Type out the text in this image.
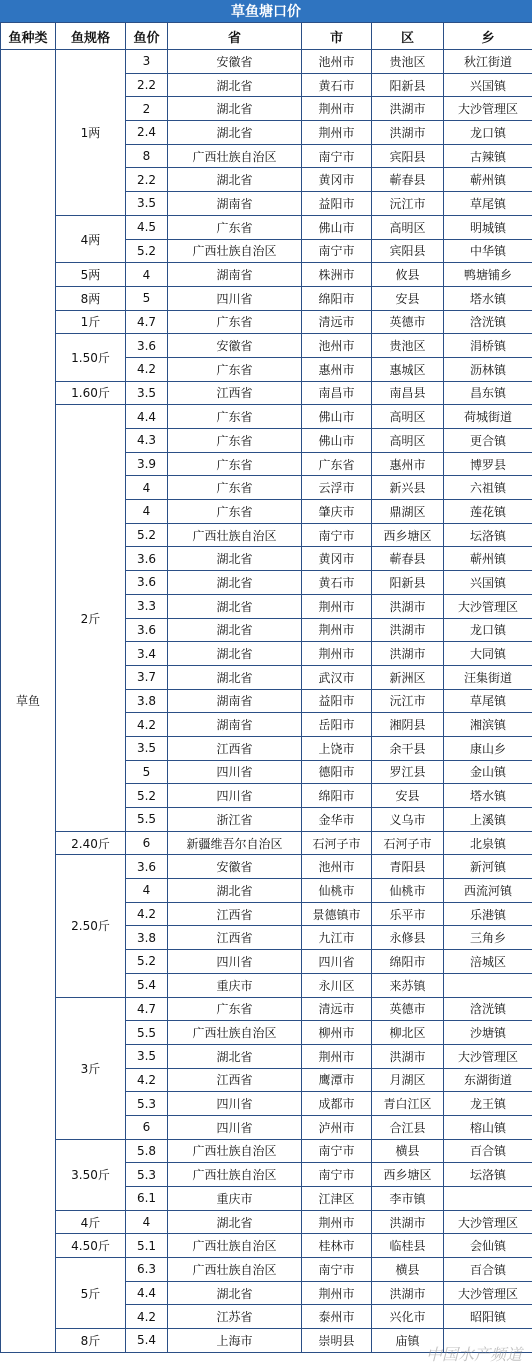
草鱼塘口价
鱼种类	鱼规格	鱼价	省	市	区	乡
草鱼	1两	3	安徽省	池州市	贵池区	秋江街道
		2.2	湖北省	黄石市	阳新县	兴国镇
		2	湖北省	荆州市	洪湖市	大沙管理区
		2.4	湖北省	荆州市	洪湖市	龙口镇
		8	广西壮族自治区	南宁市	宾阳县	古辣镇
		2.2	湖北省	黄冈市	蕲春县	蕲州镇
		3.5	湖南省	益阳市	沅江市	草尾镇
	4两	4.5	广东省	佛山市	高明区	明城镇
		5.2	广西壮族自治区	南宁市	宾阳县	中华镇
	5两	4	湖南省	株洲市	攸县	鸭塘铺乡
	8两	5	四川省	绵阳市	安县	塔水镇
	1斤	4.7	广东省	清远市	英德市	浛洸镇
	1.50斤	3.6	安徽省	池州市	贵池区	涓桥镇
		4.2	广东省	惠州市	惠城区	沥林镇
	1.60斤	3.5	江西省	南昌市	南昌县	昌东镇
	2斤	4.4	广东省	佛山市	高明区	荷城街道
		4.3	广东省	佛山市	高明区	更合镇
		3.9	广东省	广东省	惠州市	博罗县
		4	广东省	云浮市	新兴县	六祖镇
		4	广东省	肇庆市	鼎湖区	莲花镇
		5.2	广西壮族自治区	南宁市	西乡塘区	坛洛镇
		3.6	湖北省	黄冈市	蕲春县	蕲州镇
		3.6	湖北省	黄石市	阳新县	兴国镇
		3.3	湖北省	荆州市	洪湖市	大沙管理区
		3.6	湖北省	荆州市	洪湖市	龙口镇
		3.4	湖北省	荆州市	洪湖市	大同镇
		3.7	湖北省	武汉市	新洲区	汪集街道
		3.8	湖南省	益阳市	沅江市	草尾镇
		4.2	湖南省	岳阳市	湘阴县	湘滨镇
		3.5	江西省	上饶市	余干县	康山乡
		5	四川省	德阳市	罗江县	金山镇
		5.2	四川省	绵阳市	安县	塔水镇
		5.5	浙江省	金华市	义乌市	上溪镇
	2.40斤	6	新疆维吾尔自治区	石河子市	石河子市	北泉镇
	2.50斤	3.6	安徽省	池州市	青阳县	新河镇
		4	湖北省	仙桃市	仙桃市	西流河镇
		4.2	江西省	景德镇市	乐平市	乐港镇
		3.8	江西省	九江市	永修县	三角乡
		5.2	四川省	四川省	绵阳市	涪城区
		5.4	重庆市	永川区	来苏镇	
	3斤	4.7	广东省	清远市	英德市	浛洸镇
		5.5	广西壮族自治区	柳州市	柳北区	沙塘镇
		3.5	湖北省	荆州市	洪湖市	大沙管理区
		4.2	江西省	鹰潭市	月湖区	东湖街道
		5.3	四川省	成都市	青白江区	龙王镇
		6	四川省	泸州市	合江县	榕山镇
	3.50斤	5.8	广西壮族自治区	南宁市	横县	百合镇
		5.3	广西壮族自治区	南宁市	西乡塘区	坛洛镇
		6.1	重庆市	江津区	李市镇	
	4斤	4	湖北省	荆州市	洪湖市	大沙管理区
	4.50斤	5.1	广西壮族自治区	桂林市	临桂县	会仙镇
	5斤	6.3	广西壮族自治区	南宁市	横县	百合镇
		4.4	湖北省	荆州市	洪湖市	大沙管理区
		4.2	江苏省	泰州市	兴化市	昭阳镇
	8斤	5.4	上海市	崇明县	庙镇	
中国水产频道
